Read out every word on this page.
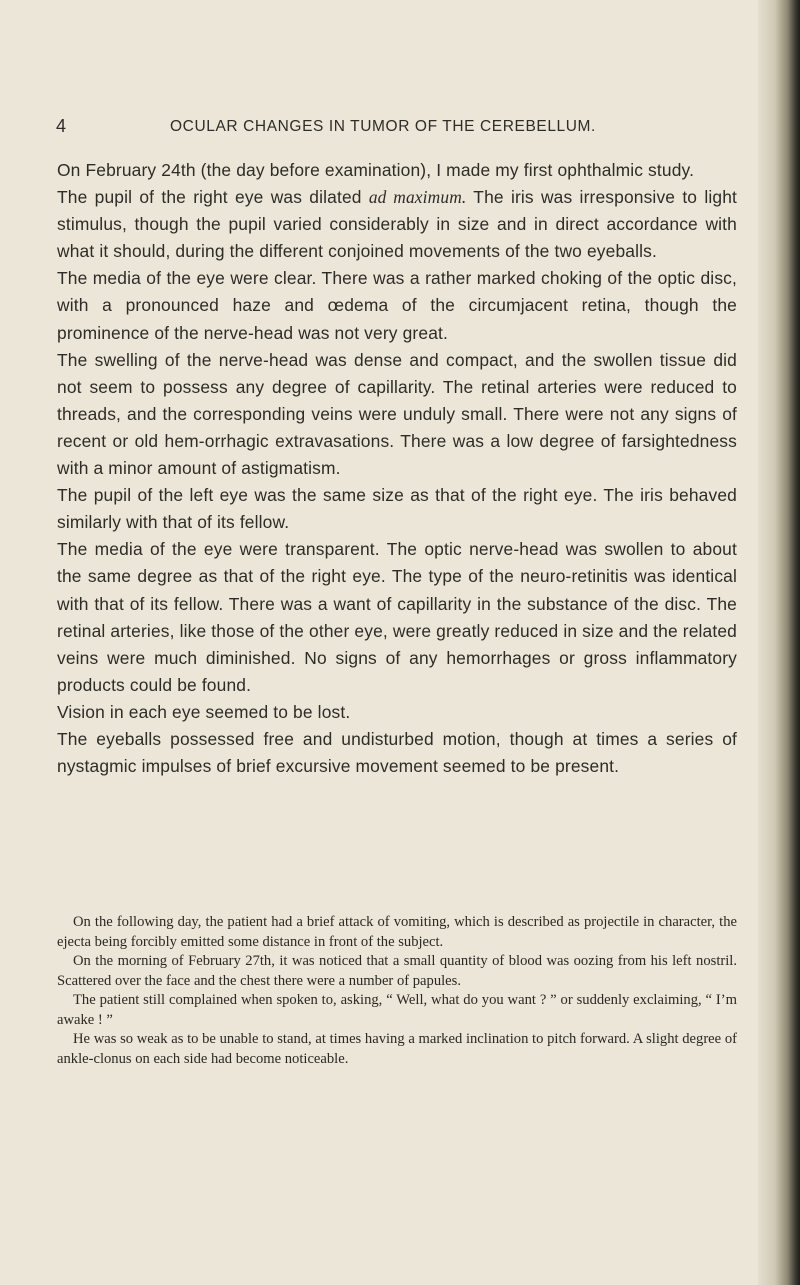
4	OCULAR CHANGES IN TUMOR OF THE CEREBELLUM.

On February 24th (the day before examination), I made my first ophthalmic study.

The pupil of the right eye was dilated ad maximum. The iris was irresponsive to light stimulus, though the pupil varied considerably in size and in direct accordance with what it should, during the different conjoined movements of the two eyeballs.

The media of the eye were clear. There was a rather marked choking of the optic disc, with a pronounced haze and œdema of the circumjacent retina, though the prominence of the nerve-head was not very great.

The swelling of the nerve-head was dense and compact, and the swollen tissue did not seem to possess any degree of capillarity. The retinal arteries were reduced to threads, and the corresponding veins were unduly small. There were not any signs of recent or old hem-orrhagic extravasations. There was a low degree of farsightedness with a minor amount of astigmatism.

The pupil of the left eye was the same size as that of the right eye. The iris behaved similarly with that of its fellow.

The media of the eye were transparent. The optic nerve-head was swollen to about the same degree as that of the right eye. The type of the neuro-retinitis was identical with that of its fellow. There was a want of capillarity in the substance of the disc. The retinal arteries, like those of the other eye, were greatly reduced in size and the related veins were much diminished. No signs of any hemorrhages or gross inflammatory products could be found.

Vision in each eye seemed to be lost.

The eyeballs possessed free and undisturbed motion, though at times a series of nystagmic impulses of brief excursive movement seemed to be present.

On the following day, the patient had a brief attack of vomiting, which is described as projectile in character, the ejecta being forcibly emitted some distance in front of the subject.

On the morning of February 27th, it was noticed that a small quantity of blood was oozing from his left nostril. Scattered over the face and the chest there were a number of papules.

The patient still complained when spoken to, asking, “ Well, what do you want ? ” or suddenly exclaiming, “ I’m awake ! ”

He was so weak as to be unable to stand, at times having a marked inclination to pitch forward. A slight degree of ankle-clonus on each side had become noticeable.
